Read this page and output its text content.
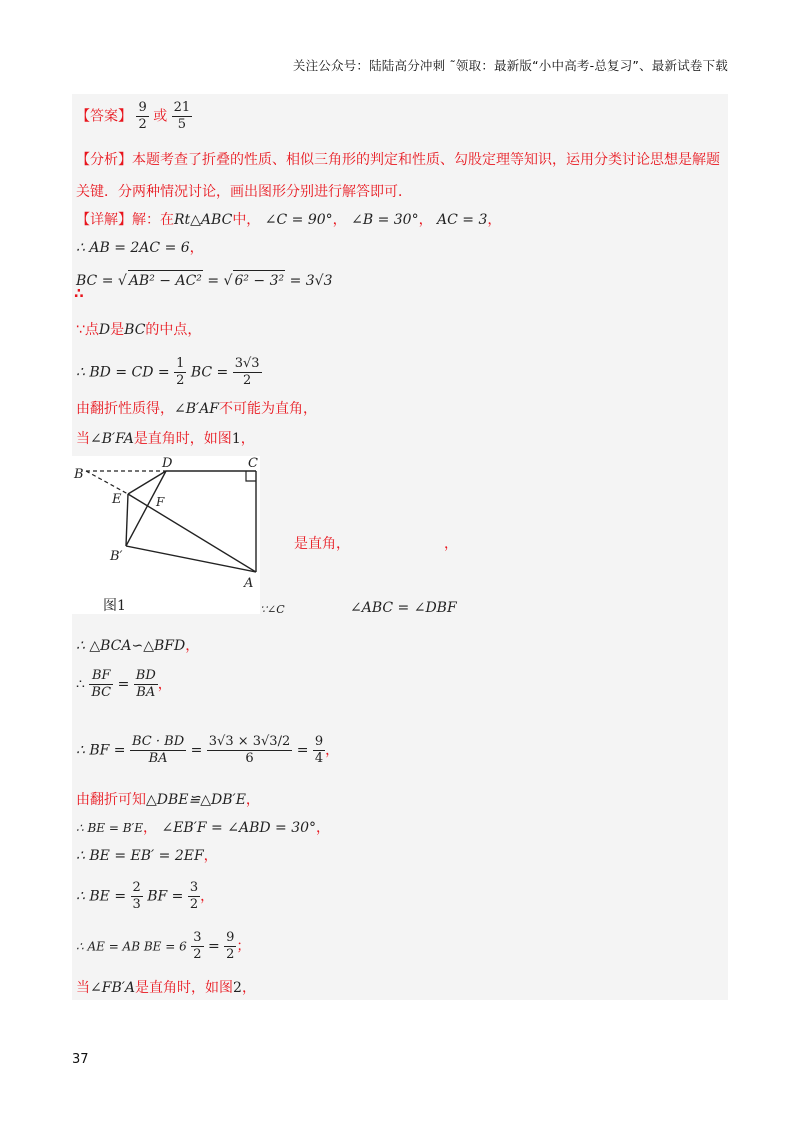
关注公众号：陆陆高分冲刺 ˜领取：最新版“小中高考-总复习”、最新试卷下载
【答案】 $\frac{9}{2}$ 或 $\frac{21}{5}$
【分析】本题考查了折叠的性质、相似三角形的判定和性质、勾股定理等知识，运用分类讨论思想是解题
关键．分两种情况讨论，画出图形分别进行解答即可．
【详解】解：在Rt△ABC中， ∠C = 90°， ∠B = 30°， AC = 3，
∴ AB = 2AC = 6，
BC = √ AB² − AC² = √ 6² − 3² = 3√3
∴
∵点D是BC的中点，
∴ BD = CD = $\frac{1}{2}$ BC = $\frac{3√3}{2}$
由翻折性质得，∠B′AF不可能为直角，
当∠B′FA是直角时，如图1，
B
D	C
E	F
B′
A
是直角，	，
∵∠C	∠ABC = ∠DBF
∴ △BCA∽△BFD，
∴ $\frac{BF}{BC} = \frac{BD}{BA}$ ，
∴ BF = $\frac{BC \cdot BD}{BA} = \frac{3√3 \times 3√3/2}{6} = \frac{9}{4}$ ，
由翻折可知△DBE≌△DB′E，
∴ BE = B′E， ∠EB′F = ∠ABD = 30°，
∴ BE = EB′ = 2EF，
∴ BE = $\frac{2}{3}$ BF = $\frac{3}{2}$ ，
∴ AE = AB BE = $6 \frac{3}{2} = \frac{9}{2}$ ；
当∠FB′A是直角时，如图2，
图1
37
